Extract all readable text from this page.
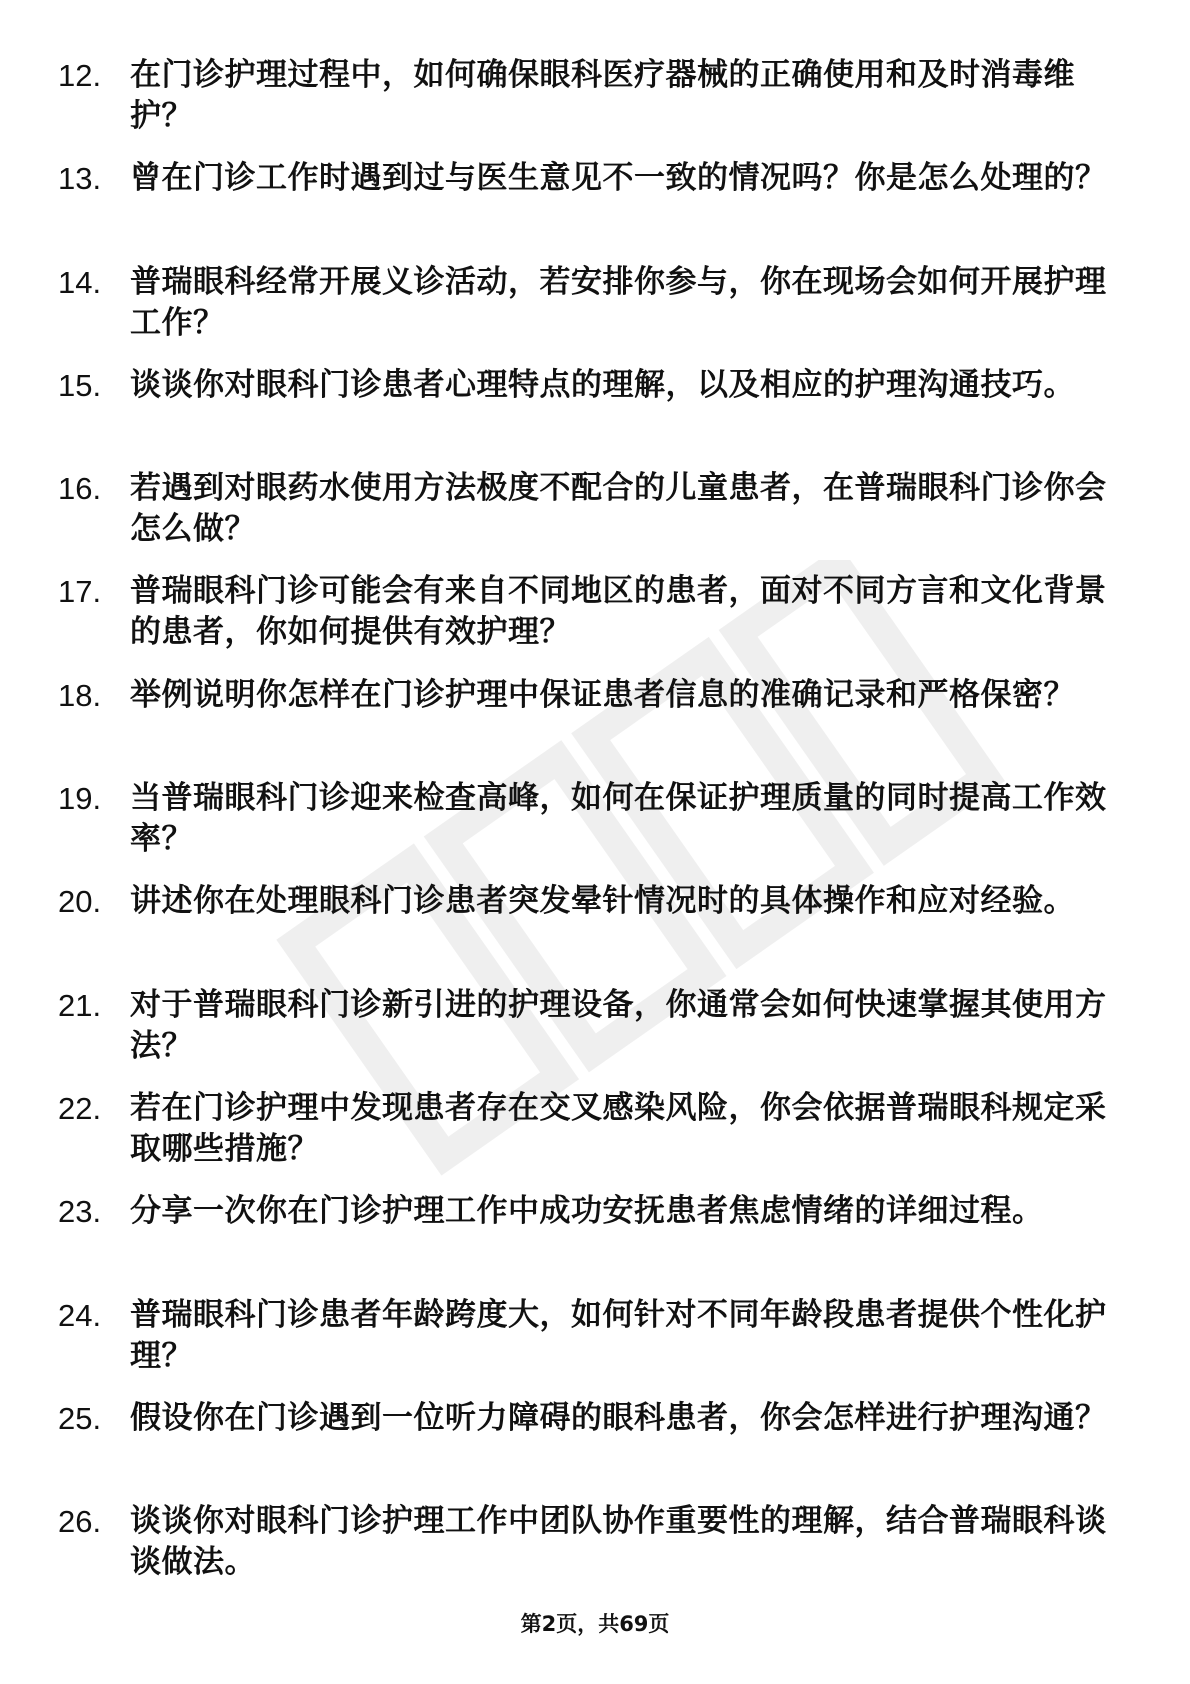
12. 在门诊护理过程中，如何确保眼科医疗器械的正确使用和及时消毒维护？
13. 曾在门诊工作时遇到过与医生意见不一致的情况吗？你是怎么处理的？
14. 普瑞眼科经常开展义诊活动，若安排你参与，你在现场会如何开展护理工作？
15. 谈谈你对眼科门诊患者心理特点的理解，以及相应的护理沟通技巧。
16. 若遇到对眼药水使用方法极度不配合的儿童患者，在普瑞眼科门诊你会怎么做？
17. 普瑞眼科门诊可能会有来自不同地区的患者，面对不同方言和文化背景的患者，你如何提供有效护理？
18. 举例说明你怎样在门诊护理中保证患者信息的准确记录和严格保密？
19. 当普瑞眼科门诊迎来检查高峰，如何在保证护理质量的同时提高工作效率？
20. 讲述你在处理眼科门诊患者突发晕针情况时的具体操作和应对经验。
21. 对于普瑞眼科门诊新引进的护理设备，你通常会如何快速掌握其使用方法？
22. 若在门诊护理中发现患者存在交叉感染风险，你会依据普瑞眼科规定采取哪些措施？
23. 分享一次你在门诊护理工作中成功安抚患者焦虑情绪的详细过程。
24. 普瑞眼科门诊患者年龄跨度大，如何针对不同年龄段患者提供个性化护理？
25. 假设你在门诊遇到一位听力障碍的眼科患者，你会怎样进行护理沟通？
26. 谈谈你对眼科门诊护理工作中团队协作重要性的理解，结合普瑞眼科谈谈做法。
第2页，共69页
